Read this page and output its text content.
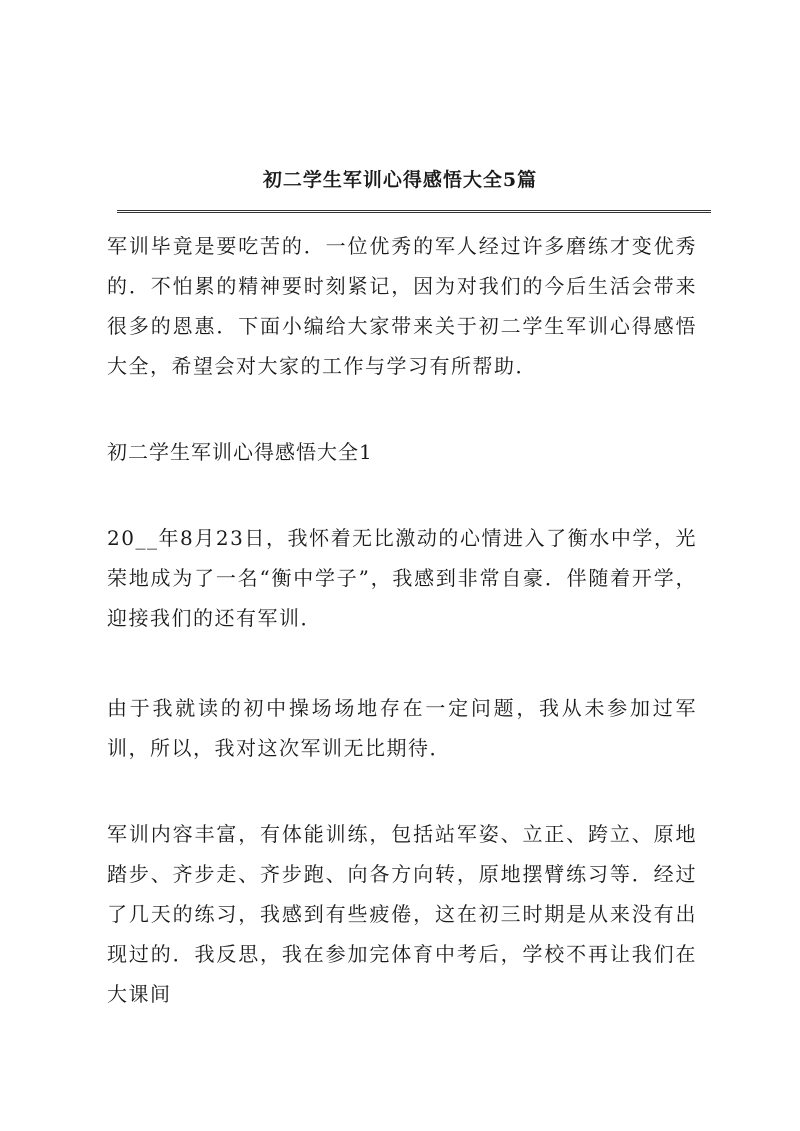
初二学生军训心得感悟大全5篇

军训毕竟是要吃苦的．一位优秀的军人经过许多磨练才变优秀的．不怕累的精神要时刻紧记，因为对我们的今后生活会带来很多的恩惠．下面小编给大家带来关于初二学生军训心得感悟大全，希望会对大家的工作与学习有所帮助．

初二学生军训心得感悟大全1

20__年8月23日，我怀着无比激动的心情进入了衡水中学，光荣地成为了一名“衡中学子”，我感到非常自豪．伴随着开学，迎接我们的还有军训．

由于我就读的初中操场场地存在一定问题，我从未参加过军训，所以，我对这次军训无比期待．

军训内容丰富，有体能训练，包括站军姿、立正、跨立、原地踏步、齐步走、齐步跑、向各方向转，原地摆臂练习等．经过了几天的练习，我感到有些疲倦，这在初三时期是从来没有出现过的．我反思，我在参加完体育中考后，学校不再让我们在大课间
